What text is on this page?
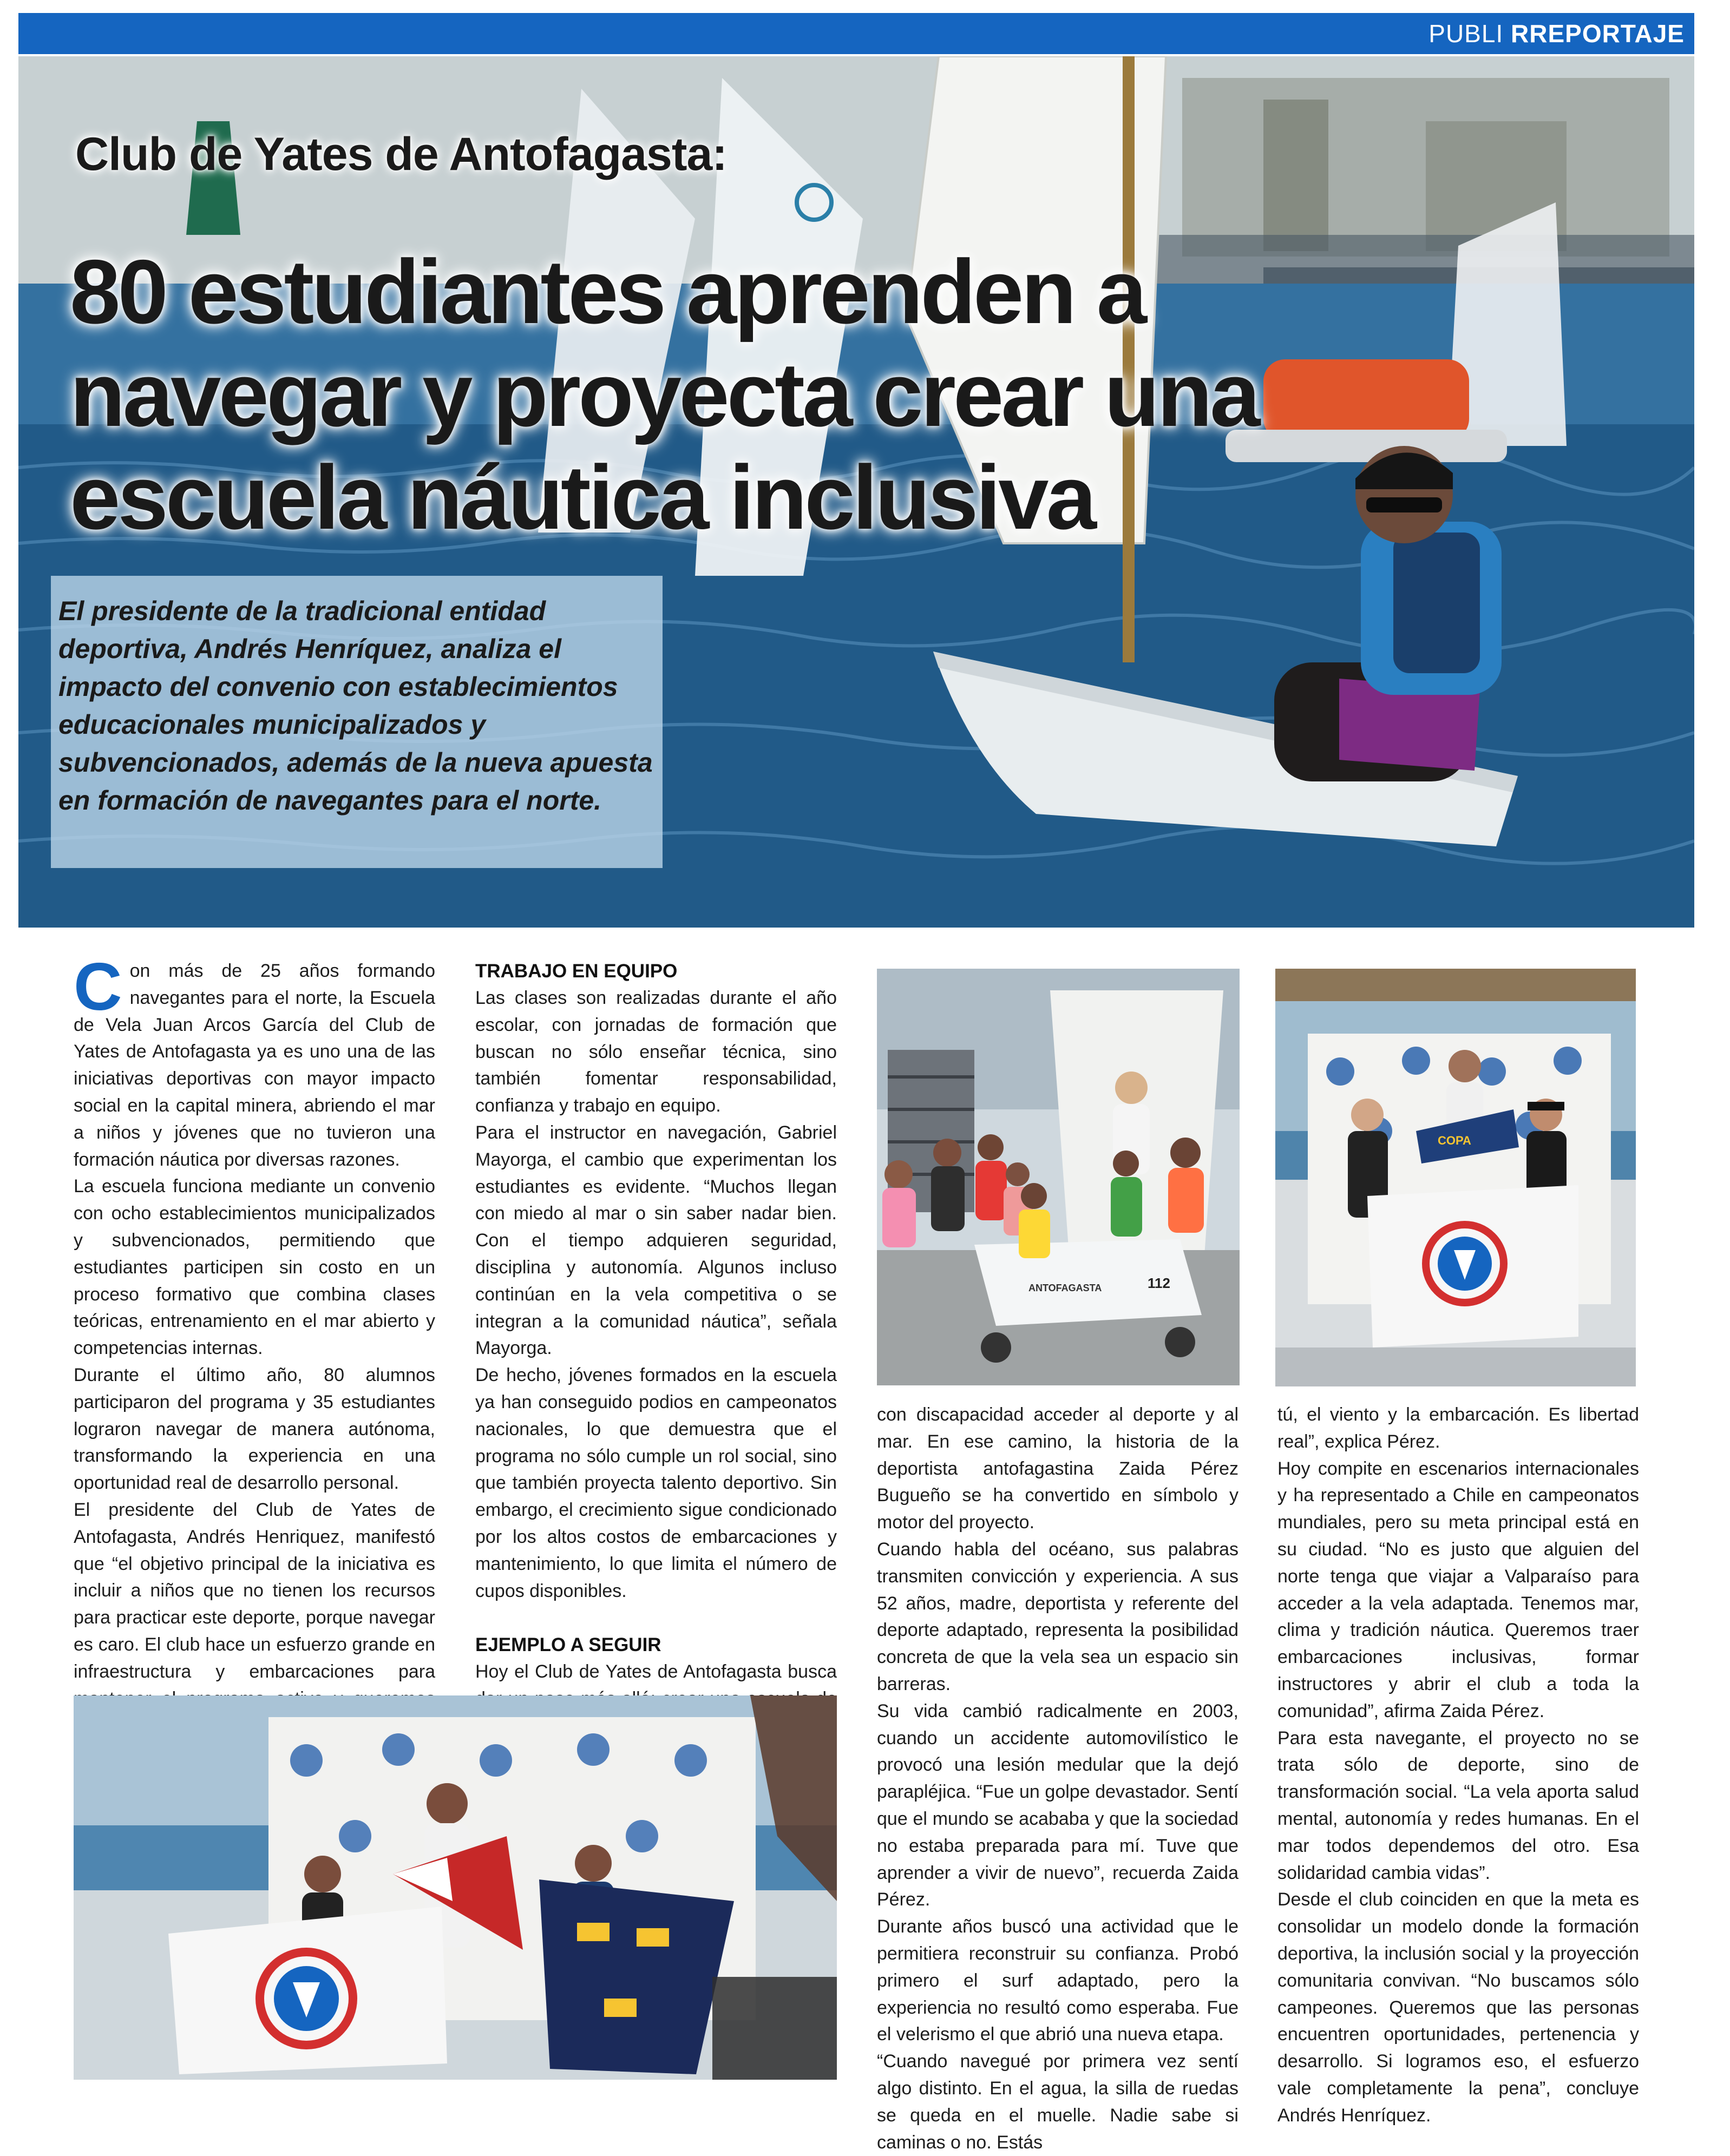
PUBLI RREPORTAJE
Club de Yates de Antofagasta:
80 estudiantes aprenden a
navegar y proyecta crear una
escuela náutica inclusiva
El presidente de la tradicional entidad deportiva, Andrés Henríquez, analiza el impacto del convenio con establecimientos educacionales municipalizados y subvencionados, además de la nueva apuesta en formación de navegantes para el norte.

Con más de 25 años formando navegantes para el norte, la Escuela de Vela Juan Arcos García del Club de Yates de Antofagasta ya es uno una de las iniciativas deportivas con mayor impacto social en la capital minera, abriendo el mar a niños y jóvenes que no tuvieron una formación náutica por diversas razones.

La escuela funciona mediante un convenio con ocho establecimientos municipalizados y subvencionados, permitiendo que estudiantes participen sin costo en un proceso formativo que combina clases teóricas, entrenamiento en el mar abierto y competencias internas.

Durante el último año, 80 alumnos participaron del programa y 35 estudiantes lograron navegar de manera autónoma, transformando la experiencia en una oportunidad real de desarrollo personal.

El presidente del Club de Yates de Antofagasta, Andrés Henriquez, manifestó que “el objetivo principal de la iniciativa es incluir a niños que no tienen los recursos para practicar este deporte, porque navegar es caro. El club hace un esfuerzo grande en infraestructura y embarcaciones para

TRABAJO EN EQUIPO

Las clases son realizadas durante el año escolar, con jornadas de formación que buscan no sólo enseñar técnica, sino también fomentar responsabilidad, confianza y trabajo en equipo.

Para el instructor en navegación, Gabriel Mayorga, el cambio que experimentan los estudiantes es evidente. “Muchos llegan con miedo al mar o sin saber nadar bien. Con el tiempo adquieren seguridad, disciplina y autonomía. Algunos incluso continúan en la vela competitiva o se integran a la comunidad náutica”, señala Mayorga.

De hecho, jóvenes formados en la escuela ya han conseguido podios en campeonatos nacionales, lo que demuestra que el programa no sólo cumple un rol social, sino que también proyecta talento deportivo. Sin embargo, el crecimiento sigue condicionado por los altos costos de embarcaciones y mantenimiento, lo que limita el número de cupos disponibles.

EJEMPLO A SEGUIR

Hoy el Club de Yates de Antofagasta busca

con discapacidad acceder al deporte y al mar. En ese camino, la historia de la deportista antofagastina Zaida Pérez Bugueño se ha convertido en símbolo y motor del proyecto.

Cuando habla del océano, sus palabras transmiten convicción y experiencia. A sus 52 años, madre, deportista y referente del deporte adaptado, representa la posibilidad concreta de que la vela sea un espacio sin barreras.

Su vida cambió radicalmente en 2003, cuando un accidente automovilístico le provocó una lesión medular que la dejó parapléjica. “Fue un golpe devastador. Sentí que el mundo se acababa y que la sociedad no estaba preparada para mí. Tuve que aprender a vivir de nuevo”, recuerda Zaida Pérez.

Durante años buscó una actividad que le permitiera reconstruir su confianza. Probó primero el surf adaptado, pero la experiencia no resultó como esperaba. Fue el velerismo el que abrió una nueva etapa.

“Cuando navegué por primera vez sentí algo distinto. En el agua, la silla de ruedas se queda en el muelle. Nadie sabe si caminas o no. Estás

tú, el viento y la embarcación. Es libertad real”, explica Pérez.

Hoy compite en escenarios internacionales y ha representado a Chile en campeonatos mundiales, pero su meta principal está en su ciudad. “No es justo que alguien del norte tenga que viajar a Valparaíso para acceder a la vela adaptada. Tenemos mar, clima y tradición náutica. Queremos traer embarcaciones inclusivas, formar instructores y abrir el club a toda la comunidad”, afirma Zaida Pérez.

Para esta navegante, el proyecto no se trata sólo de deporte, sino de transformación social. “La vela aporta salud mental, autonomía y redes humanas. En el mar todos dependemos del otro. Esa solidaridad cambia vidas”.

Desde el club coinciden en que la meta es consolidar un modelo donde la formación deportiva, la inclusión social y la proyección comunitaria convivan. “No buscamos sólo campeones. Queremos que las personas encuentren oportunidades, pertenencia y desarrollo. Si logramos eso, el esfuerzo vale completamente la pena”, concluye Andrés Henríquez.

ANTOFAGASTA	112
COPA
